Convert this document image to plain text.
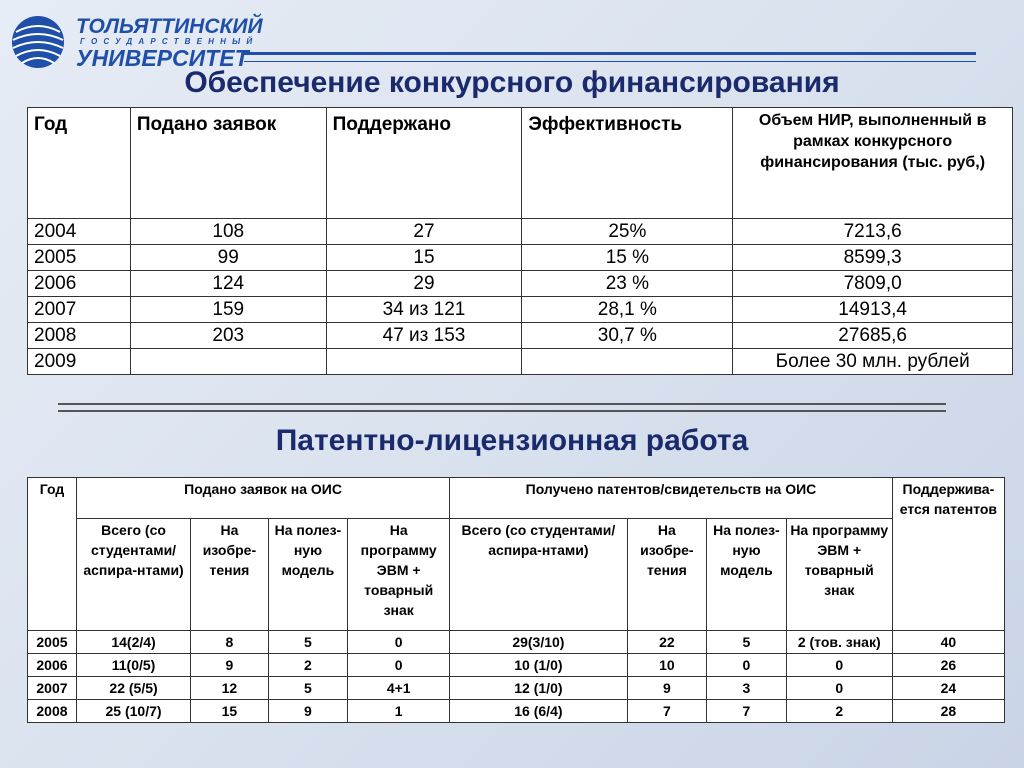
ТОЛЬЯТТИНСКИЙ
ГОСУДАРСТВЕННЫЙ
УНИВЕРСИТЕТ
Обеспечение конкурсного финансирования
Год	Подано заявок	Поддержано	Эффективность	Объем НИР, выполненный в рамках конкурсного финансирования (тыс. руб,)
2004	108	27	25%	7213,6
2005	99	15	15 %	8599,3
2006	124	29	23 %	7809,0
2007	159	34 из 121	28,1 %	14913,4
2008	203	47 из 153	30,7 %	27685,6
2009				Более 30 млн. рублей
Патентно-лицензионная работа
Год	Подано заявок на ОИС				Получено патентов/свидетельств на ОИС				Поддержива-ется патентов
	Всего (со студентами/ аспира-нтами)	На изобре-тения	На полез-ную модель	На программу ЭВМ + товарный знак	Всего (со студентами/аспира-нтами)	На изобре-тения	На полез-ную модель	На программу ЭВМ + товарный знак	
2005	14(2/4)	8	5	0	29(3/10)	22	5	2 (тов. знак)	40
2006	11(0/5)	9	2	0	10 (1/0)	10	0	0	26
2007	22 (5/5)	12	5	4+1	12 (1/0)	9	3	0	24
2008	25 (10/7)	15	9	1	16 (6/4)	7	7	2	28
